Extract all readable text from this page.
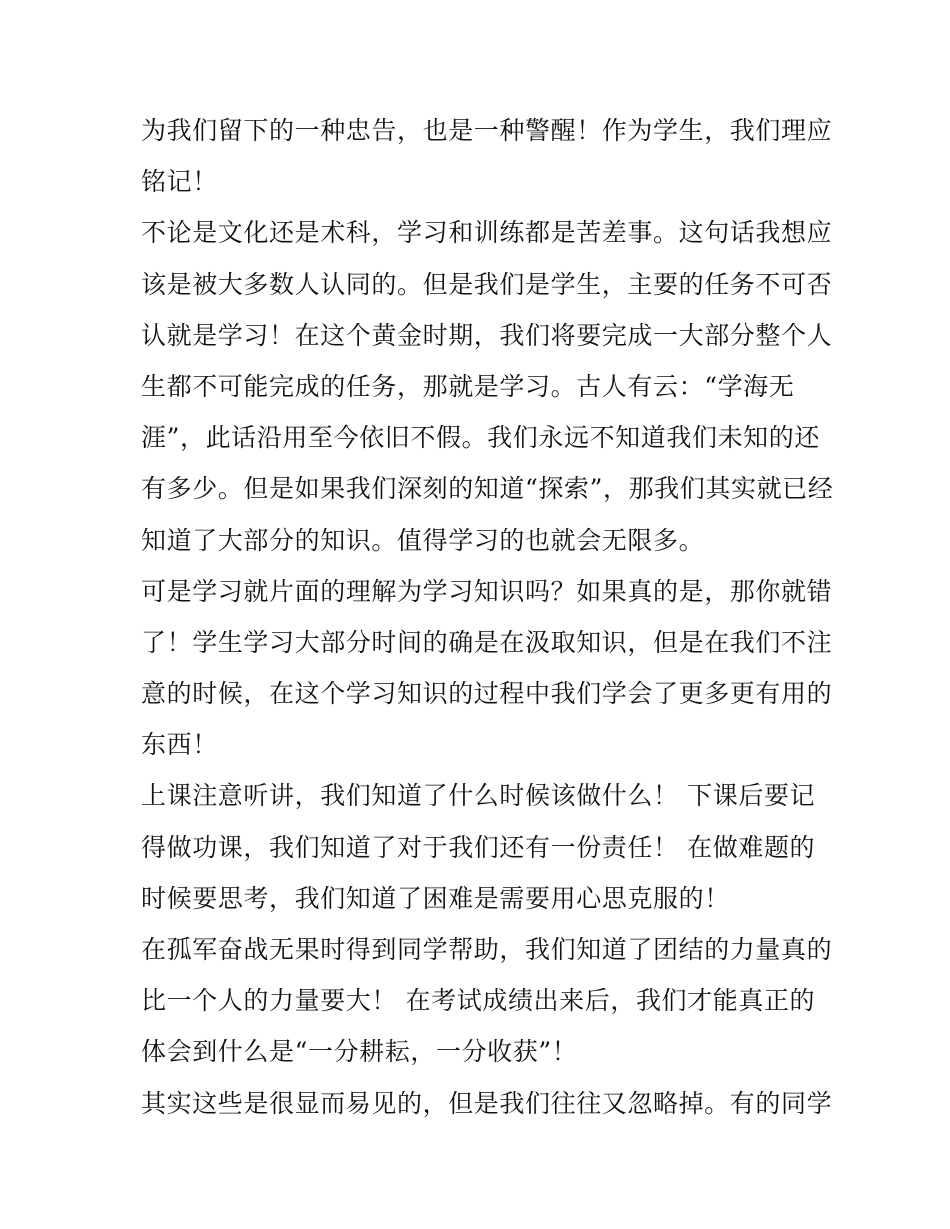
为我们留下的一种忠告，也是一种警醒！作为学生，我们理应
铭记！
不论是文化还是术科，学习和训练都是苦差事。这句话我想应
该是被大多数人认同的。但是我们是学生，主要的任务不可否
认就是学习！在这个黄金时期，我们将要完成一大部分整个人
生都不可能完成的任务，那就是学习。古人有云：“学海无
涯”，此话沿用至今依旧不假。我们永远不知道我们未知的还
有多少。但是如果我们深刻的知道“探索”，那我们其实就已经
知道了大部分的知识。值得学习的也就会无限多。
可是学习就片面的理解为学习知识吗？如果真的是，那你就错
了！学生学习大部分时间的确是在汲取知识，但是在我们不注
意的时候，在这个学习知识的过程中我们学会了更多更有用的
东西！
上课注意听讲，我们知道了什么时候该做什么！ 下课后要记
得做功课，我们知道了对于我们还有一份责任！ 在做难题的
时候要思考，我们知道了困难是需要用心思克服的！
在孤军奋战无果时得到同学帮助，我们知道了团结的力量真的
比一个人的力量要大！ 在考试成绩出来后，我们才能真正的
体会到什么是“一分耕耘，一分收获”！
其实这些是很显而易见的，但是我们往往又忽略掉。有的同学
